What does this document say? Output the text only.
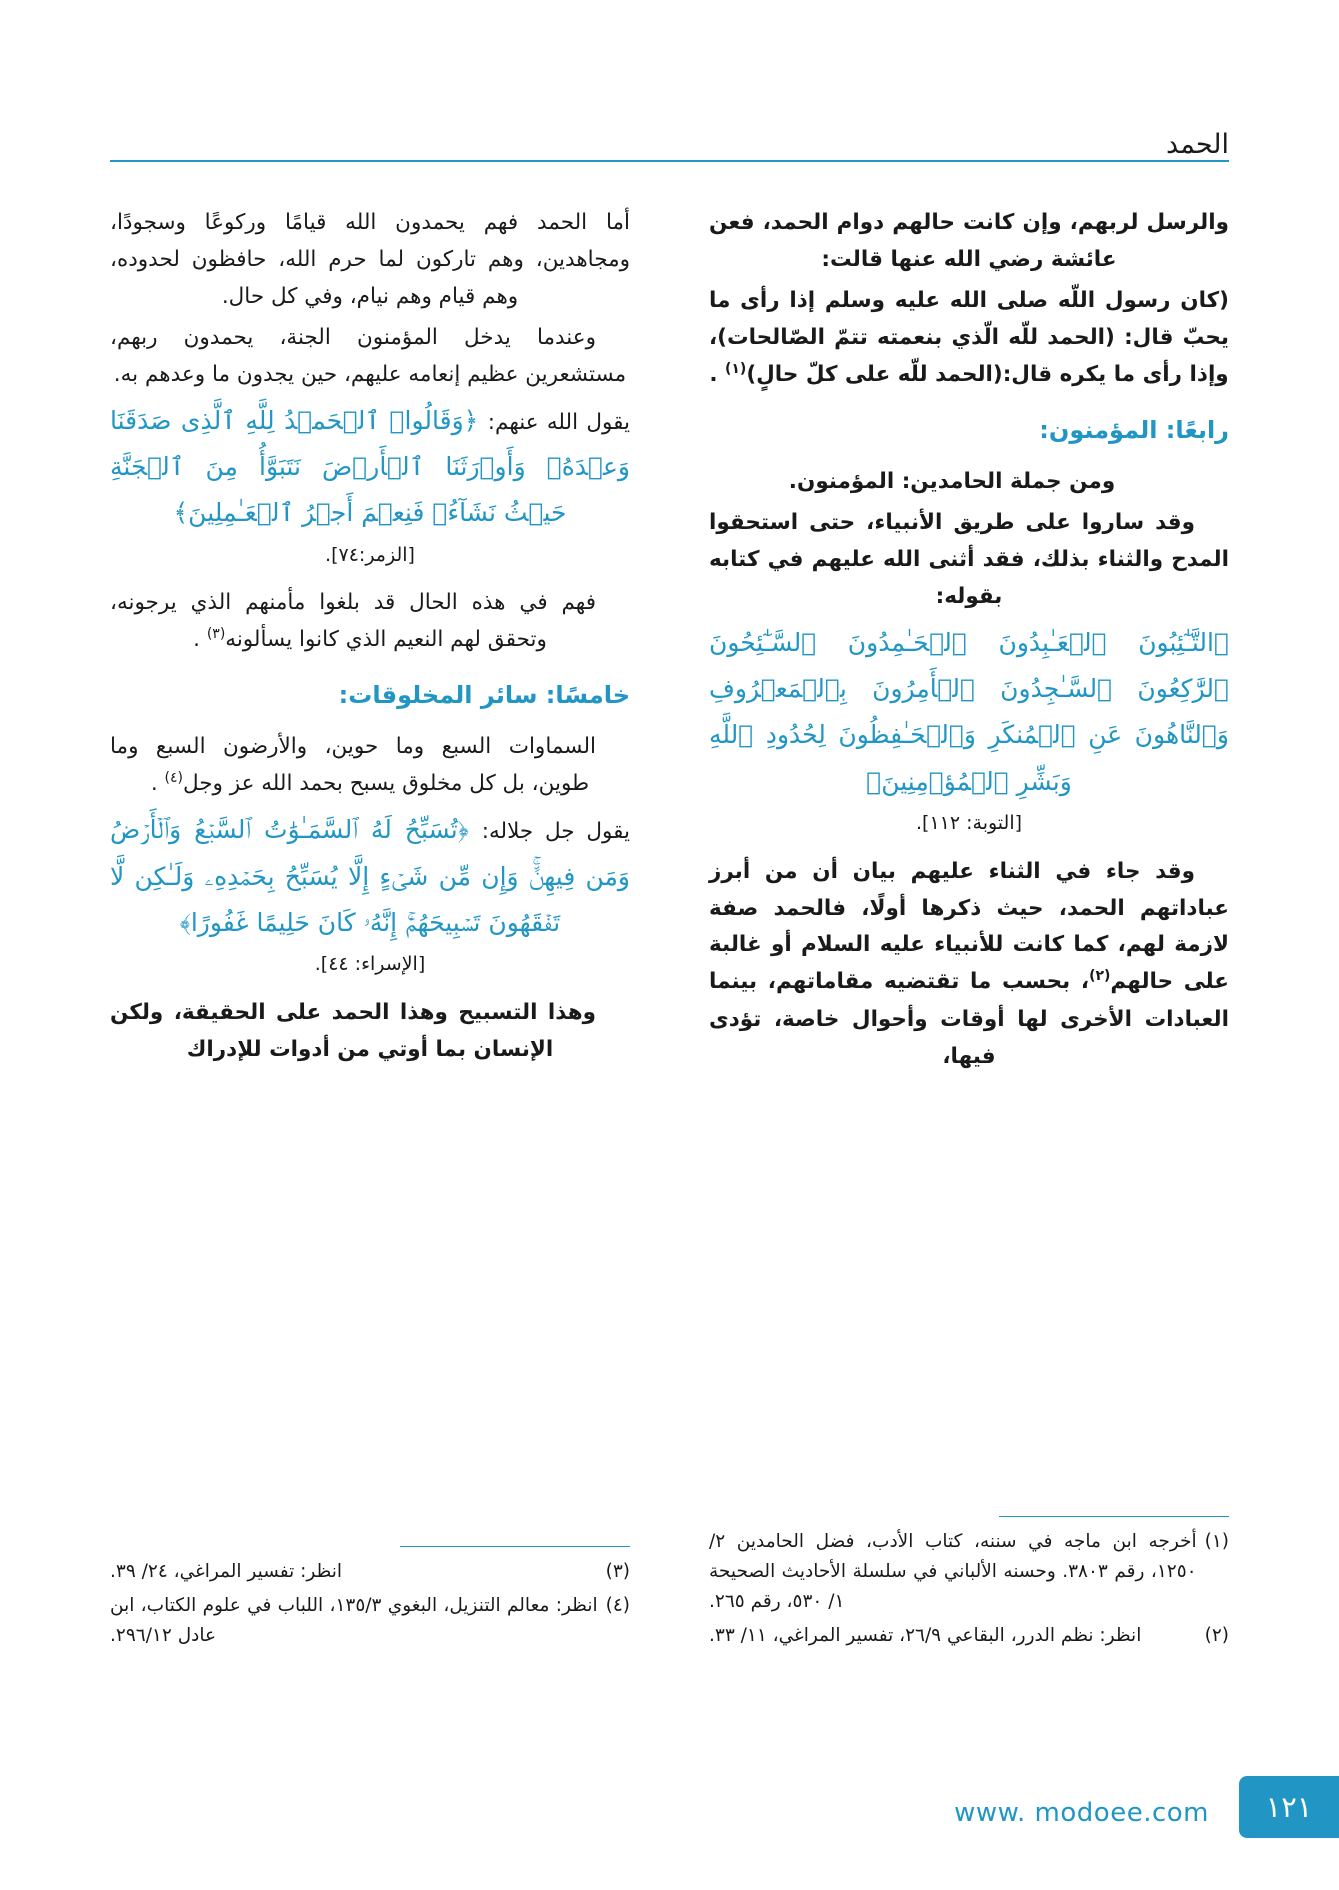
الحمد

والرسل لربهم، وإن كانت حالهم دوام الحمد، فعن عائشة رضي الله عنها قالت:

(كان رسول اللّه صلى الله عليه وسلم إذا رأى ما يحبّ قال: (الحمد للّه الّذي بنعمته تتمّ الصّالحات)، وإذا رأى ما يكره قال:(الحمد للّه على كلّ حالٍ)$^{(١)}$ .

رابعًا: المؤمنون:

ومن جملة الحامدين: المؤمنون.

وقد ساروا على طريق الأنبياء، حتى استحقوا المدح والثناء بذلك، فقد أثنى الله عليهم في كتابه بقوله:

﴿التَّـٰٓئِبُونَ ٱلۡعَـٰبِدُونَ ٱلۡحَـٰمِدُونَ ٱلسَّـٰٓئِحُونَ ٱلرَّٰكِعُونَ ٱلسَّـٰجِدُونَ ٱلۡأَمِرُونَ بِٱلۡمَعۡرُوفِ وَٱلنَّاهُونَ عَنِ ٱلۡمُنكَرِ وَٱلۡحَـٰفِظُونَ لِحُدُودِ ٱللَّهِ وَبَشِّرِ ٱلۡمُؤۡمِنِينَ﴾

[التوبة: ١١٢].

وقد جاء في الثناء عليهم بيان أن من أبرز عباداتهم الحمد، حيث ذكرها أولًا، فالحمد صفة لازمة لهم، كما كانت للأنبياء عليه السلام أو غالبة على حالهم$^{(٢)}$، بحسب ما تقتضيه مقاماتهم، بينما العبادات الأخرى لها أوقات وأحوال خاصة، تؤدى فيها،

(١)
أخرجه ابن ماجه في سننه، كتاب الأدب، فضل الحامدين ٢/ ١٢٥٠، رقم ٣٨٠٣. وحسنه الألباني في سلسلة الأحاديث الصحيحة ١/ ٥٣٠، رقم ٢٦٥.
(٢)
انظر: نظم الدرر، البقاعي ٢٦/٩، تفسير المراغي، ١١/ ٣٣.

أما الحمد فهم يحمدون الله قيامًا وركوعًا وسجودًا، ومجاهدين، وهم تاركون لما حرم الله، حافظون لحدوده، وهم قيام وهم نيام، وفي كل حال.

وعندما يدخل المؤمنون الجنة، يحمدون ربهم، مستشعرين عظيم إنعامه عليهم، حين يجدون ما وعدهم به.

يقول الله عنهم: ﴿وَقَالُوا۟ ٱلۡحَمۡدُ لِلَّهِ ٱلَّذِى صَدَقَنَا وَعۡدَهُۥ وَأَوۡرَثَنَا ٱلۡأَرۡضَ نَتَبَوَّأُ مِنَ ٱلۡجَنَّةِ حَيۡثُ نَشَآءُۖ فَنِعۡمَ أَجۡرُ ٱلۡعَـٰمِلِينَ﴾

[الزمر:٧٤].

فهم في هذه الحال قد بلغوا مأمنهم الذي يرجونه، وتحقق لهم النعيم الذي كانوا يسألونه$^{(٣)}$ .

خامسًا: سائر المخلوقات:

السماوات السبع وما حوين، والأرضون السبع وما طوين، بل كل مخلوق يسبح بحمد الله عز وجل$^{(٤)}$ .

يقول جل جلاله: ﴿تُسَبِّحُ لَهُ ٱلسَّمَـٰوَٰتُ ٱلسَّبۡعُ وَٱلۡأَرۡضُ وَمَن فِيهِنَّۚ وَإِن مِّن شَىۡءٍ إِلَّا يُسَبِّحُ بِحَمۡدِهِۦ وَلَـٰكِن لَّا تَفۡقَهُونَ تَسۡبِيحَهُمۡۚ إِنَّهُۥ كَانَ حَلِيمًا غَفُورًا﴾

[الإسراء: ٤٤].

وهذا التسبيح وهذا الحمد على الحقيقة، ولكن الإنسان بما أوتي من أدوات للإدراك

(٣)
انظر: تفسير المراغي، ٢٤/ ٣٩.
(٤)
انظر: معالم التنزيل، البغوي ١٣٥/٣، اللباب في علوم الكتاب، ابن عادل ٢٩٦/١٢.
١٢١
www. modoee.com
